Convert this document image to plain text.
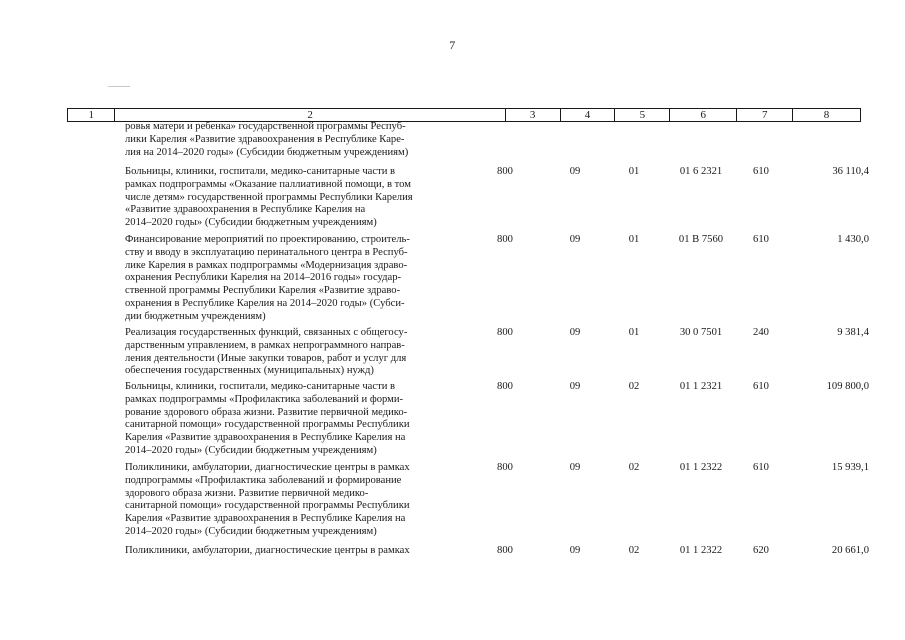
7
1	2	3	4	5	6	7	8
ровья матери и ребенка» государственной программы Респуб-
лики Карелия «Развитие здравоохранения в Республике Каре-
лия на 2014–2020 годы» (Субсидии бюджетным учреждениям)
Больницы, клиники, госпитали, медико-санитарные части в
рамках подпрограммы «Оказание паллиативной помощи, в том
числе детям» государственной программы Республики Карелия
«Развитие здравоохранения в Республике Карелия на
2014–2020 годы» (Субсидии бюджетным учреждениям)
800	09	01	01 6 2321	610	36 110,4
Финансирование мероприятий по проектированию, строитель-
ству и вводу в эксплуатацию перинатального центра в Респуб-
лике Карелия в рамках подпрограммы «Модернизация здраво-
охранения Республики Карелия на 2014–2016 годы» государ-
ственной программы Республики Карелия «Развитие здраво-
охранения в Республике Карелия на 2014–2020 годы» (Субси-
дии бюджетным учреждениям)
800	09	01	01 В 7560	610	1 430,0
Реализация государственных функций, связанных с общегосу-
дарственным управлением, в рамках непрограммного направ-
ления деятельности (Иные закупки товаров, работ и услуг для
обеспечения государственных (муниципальных) нужд)
800	09	01	30 0 7501	240	9 381,4
Больницы, клиники, госпитали, медико-санитарные части в
рамках подпрограммы «Профилактика заболеваний и форми-
рование здорового образа жизни. Развитие первичной медико-
санитарной помощи» государственной программы Республики
Карелия «Развитие здравоохранения в Республике Карелия на
2014–2020 годы» (Субсидии бюджетным учреждениям)
800	09	02	01 1 2321	610	109 800,0
Поликлиники, амбулатории, диагностические центры в рамках
подпрограммы «Профилактика заболеваний и формирование
здорового образа жизни. Развитие первичной медико-
санитарной помощи» государственной программы Республики
Карелия «Развитие здравоохранения в Республике Карелия на
2014–2020 годы» (Субсидии бюджетным учреждениям)
800	09	02	01 1 2322	610	15 939,1
Поликлиники, амбулатории, диагностические центры в рамках	800	09	02	01 1 2322	620	20 661,0
